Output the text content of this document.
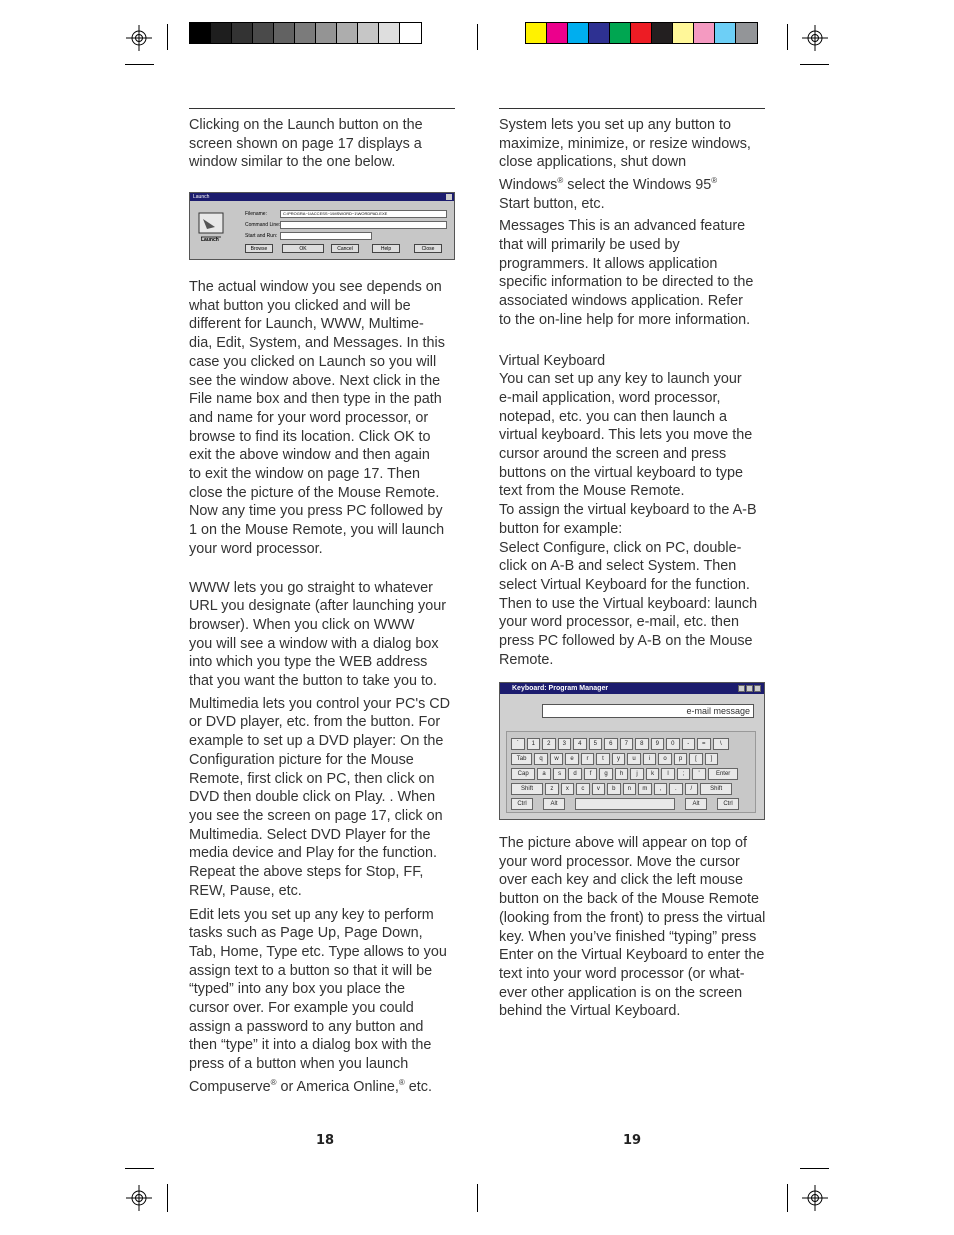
Clicking on the Launch button on the
screen shown on page 17 displays a
window similar to the one below.

Launch
Launch
Filename:	C:\PROGRA~1\ACCESS~1\MSWORD~1\WORDPAD.EXE
Command Line:
Start and Run:
Browse	OK	Cancel	Help	Close

The actual window you see depends on
what button you clicked and will be
different for Launch, WWW, Multime-
dia, Edit, System, and Messages. In this
case you clicked on Launch so you will
see the window above. Next click in the
File name box and then type in the path
and name for your word processor, or
browse to find its location. Click OK to
exit the above window and then again
to exit the window on page 17. Then
close the picture of the Mouse Remote.
Now any time you press PC followed by
1 on the Mouse Remote, you will launch
your word processor.

WWW lets you go straight to whatever
URL you designate (after launching your
browser). When you click on WWW
you will see a window with a dialog box
into which you type the WEB address
that you want the button to take you to.

Multimedia lets you control your PC's CD
or DVD player, etc. from the button. For
example to set up a DVD player: On the
Configuration picture for the Mouse
Remote, first click on PC, then click on
DVD then double click on Play. . When
you see the screen on page 17, click on
Multimedia. Select DVD Player for the
media device and Play for the function.
Repeat the above steps for Stop, FF,
REW, Pause, etc.

Edit lets you set up any key to perform
tasks such as Page Up, Page Down,
Tab, Home, Type etc. Type allows to you
assign text to a button so that it will be
“typed” into any box you place the
cursor over. For example you could
assign a password to any button and
then “type” it into a dialog box with the
press of a button when you launch
Compuserve® or America Online,® etc.

18

System lets you set up any button to
maximize, minimize, or resize windows,
close applications, shut down
Windows® select the Windows 95®
Start button, etc.

Messages This is an advanced feature
that will primarily be used by
programmers. It allows application
specific information to be directed to the
associated windows application. Refer
to the on-line help for more information.

Virtual Keyboard

You can set up any key to launch your
e-mail application, word processor,
notepad, etc. you can then launch a
virtual keyboard. This lets you move the
cursor around the screen and press
buttons on the virtual keyboard to type
text from the Mouse Remote.
To assign the virtual keyboard to the A-B
button for example:
Select Configure, click on PC, double-
click on A-B and select System. Then
select Virtual Keyboard for the function.
Then to use the Virtual keyboard: launch
your word processor, e-mail, etc. then
press PC followed by A-B on the Mouse
Remote.

Keyboard: Program Manager
e-mail message
`	1	2	3	4	5	6	7	8	9	0	-	=	\
Tab	q	w	e	r	t	y	u	i	o	p	[	]
Cap	a	s	d	f	g	h	j	k	l	;	'	Enter
Shift	z	x	c	v	b	n	m	,	.	/	Shift
Ctrl	Alt	Alt	Ctrl

The picture above will appear on top of
your word processor. Move the cursor
over each key and click the left mouse
button on the back of the Mouse Remote
(looking from the front) to press the virtual
key. When you’ve finished “typing” press
Enter on the Virtual Keyboard to enter the
text into your word processor (or what-
ever other application is on the screen
behind the Virtual Keyboard.

19
